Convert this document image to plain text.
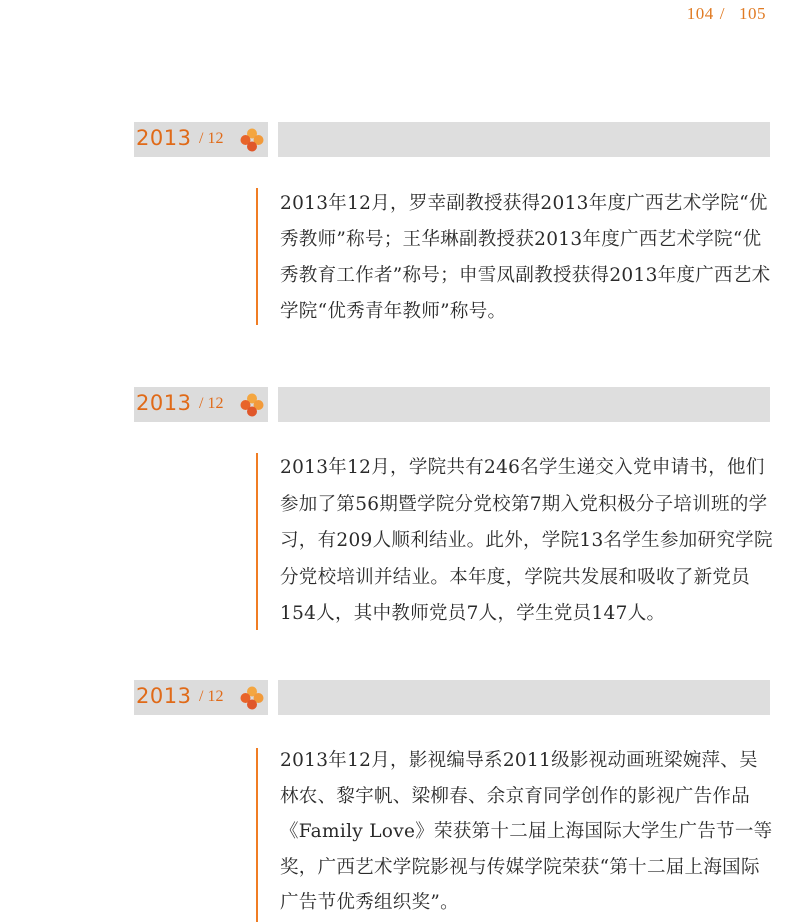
104 / 105
2013 / 12
2013年12月，罗幸副教授获得2013年度广西艺术学院“优秀教师”称号；王华琳副教授获2013年度广西艺术学院“优秀教育工作者”称号；申雪凤副教授获得2013年度广西艺术学院“优秀青年教师”称号。
2013 / 12
2013年12月，学院共有246名学生递交入党申请书，他们参加了第56期暨学院分党校第7期入党积极分子培训班的学习，有209人顺利结业。此外，学院13名学生参加研究学院分党校培训并结业。本年度，学院共发展和吸收了新党员154人，其中教师党员7人，学生党员147人。
2013 / 12
2013年12月，影视编导系2011级影视动画班梁婉萍、吴林农、黎宇帆、梁柳春、余京育同学创作的影视广告作品《Family Love》荣获第十二届上海国际大学生广告节一等奖，广西艺术学院影视与传媒学院荣获“第十二届上海国际广告节优秀组织奖”。
